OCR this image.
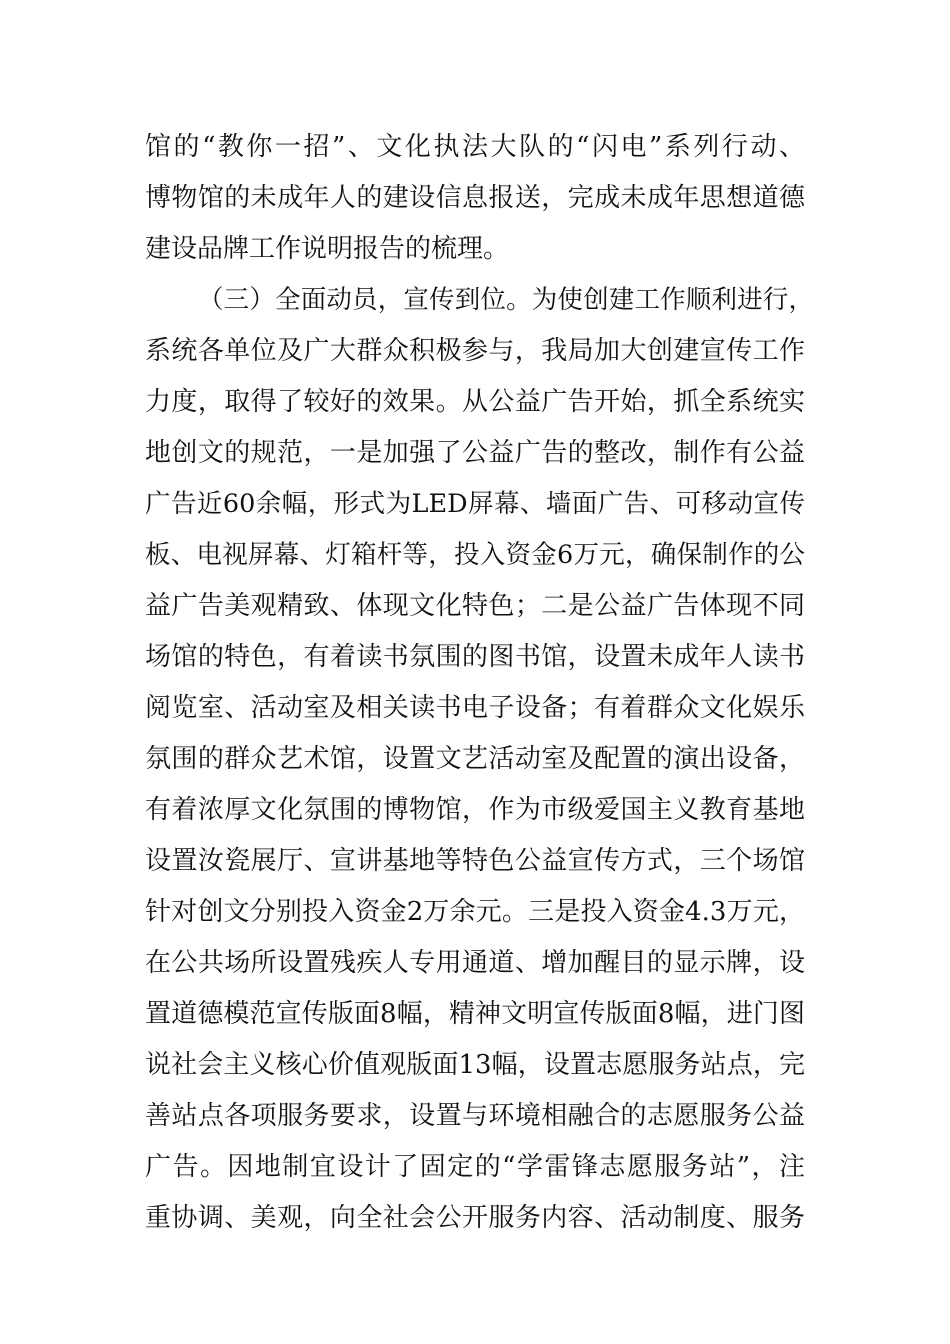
馆的“教你一招”、文化执法大队的“闪电”系列行动、
博物馆的未成年人的建设信息报送，完成未成年思想道德
建设品牌工作说明报告的梳理。
（三）全面动员，宣传到位。为使创建工作顺利进行，
系统各单位及广大群众积极参与，我局加大创建宣传工作
力度，取得了较好的效果。从公益广告开始，抓全系统实
地创文的规范，一是加强了公益广告的整改，制作有公益
广告近60余幅，形式为LED屏幕、墙面广告、可移动宣传
板、电视屏幕、灯箱杆等，投入资金6万元，确保制作的公
益广告美观精致、体现文化特色；二是公益广告体现不同
场馆的特色，有着读书氛围的图书馆，设置未成年人读书
阅览室、活动室及相关读书电子设备；有着群众文化娱乐
氛围的群众艺术馆，设置文艺活动室及配置的演出设备，
有着浓厚文化氛围的博物馆，作为市级爱国主义教育基地
设置汝瓷展厅、宣讲基地等特色公益宣传方式，三个场馆
针对创文分别投入资金2万余元。三是投入资金4.3万元，
在公共场所设置残疾人专用通道、增加醒目的显示牌，设
置道德模范宣传版面8幅，精神文明宣传版面8幅，进门图
说社会主义核心价值观版面13幅，设置志愿服务站点，完
善站点各项服务要求，设置与环境相融合的志愿服务公益
广告。因地制宜设计了固定的“学雷锋志愿服务站”，注
重协调、美观，向全社会公开服务内容、活动制度、服务
